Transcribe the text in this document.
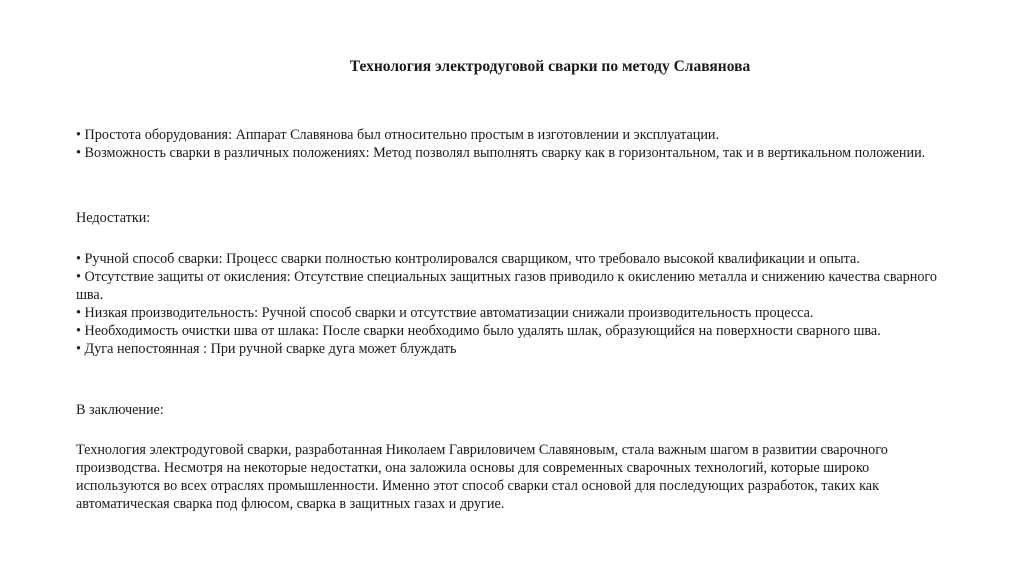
Технология электродуговой сварки по методу Славянова

• Простота оборудования: Аппарат Славянова был относительно простым в изготовлении и эксплуатации.

• Возможность сварки в различных положениях: Метод позволял выполнять сварку как в горизонтальном, так и в вертикальном положении.

Недостатки:

• Ручной способ сварки: Процесс сварки полностью контролировался сварщиком, что требовало высокой квалификации и опыта.

• Отсутствие защиты от окисления: Отсутствие специальных защитных газов приводило к окислению металла и снижению качества сварного шва.

• Низкая производительность: Ручной способ сварки и отсутствие автоматизации снижали производительность процесса.

• Необходимость очистки шва от шлака: После сварки необходимо было удалять шлак, образующийся на поверхности сварного шва.

• Дуга непостоянная : При ручной сварке дуга может блуждать

В заключение:
Технология электродуговой сварки, разработанная Николаем Гавриловичем Славяновым, стала важным шагом в развитии сварочного производства. Несмотря на некоторые недостатки, она заложила основы для современных сварочных технологий, которые широко используются во всех отраслях промышленности. Именно этот способ сварки стал основой для последующих разработок, таких как автоматическая сварка под флюсом, сварка в защитных газах и другие.
